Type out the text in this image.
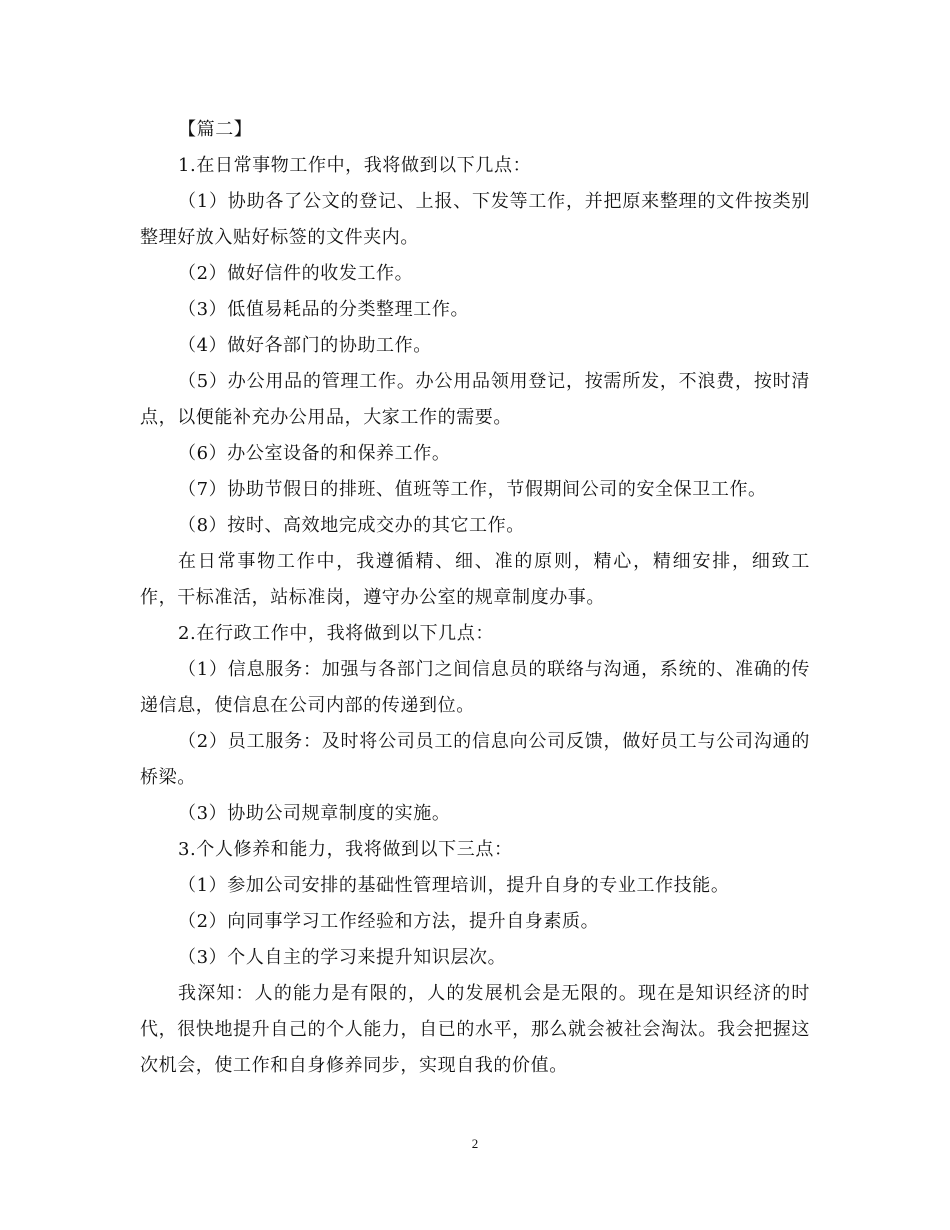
【篇二】

1.在日常事物工作中，我将做到以下几点：

（1）协助各了公文的登记、上报、下发等工作，并把原来整理的文件按类别整理好放入贴好标签的文件夹内。

（2）做好信件的收发工作。

（3）低值易耗品的分类整理工作。

（4）做好各部门的协助工作。

（5）办公用品的管理工作。办公用品领用登记，按需所发，不浪费，按时清点，以便能补充办公用品，大家工作的需要。

（6）办公室设备的和保养工作。

（7）协助节假日的排班、值班等工作，节假期间公司的安全保卫工作。

（8）按时、高效地完成交办的其它工作。

在日常事物工作中，我遵循精、细、准的原则，精心，精细安排，细致工作，干标准活，站标准岗，遵守办公室的规章制度办事。

2.在行政工作中，我将做到以下几点：

（1）信息服务：加强与各部门之间信息员的联络与沟通，系统的、准确的传递信息，使信息在公司内部的传递到位。

（2）员工服务：及时将公司员工的信息向公司反馈，做好员工与公司沟通的桥梁。

（3）协助公司规章制度的实施。

3.个人修养和能力，我将做到以下三点：

（1）参加公司安排的基础性管理培训，提升自身的专业工作技能。

（2）向同事学习工作经验和方法，提升自身素质。

（3）个人自主的学习来提升知识层次。

我深知：人的能力是有限的，人的发展机会是无限的。现在是知识经济的时代，很快地提升自己的个人能力，自已的水平，那么就会被社会淘汰。我会把握这次机会，使工作和自身修养同步，实现自我的价值。

2
